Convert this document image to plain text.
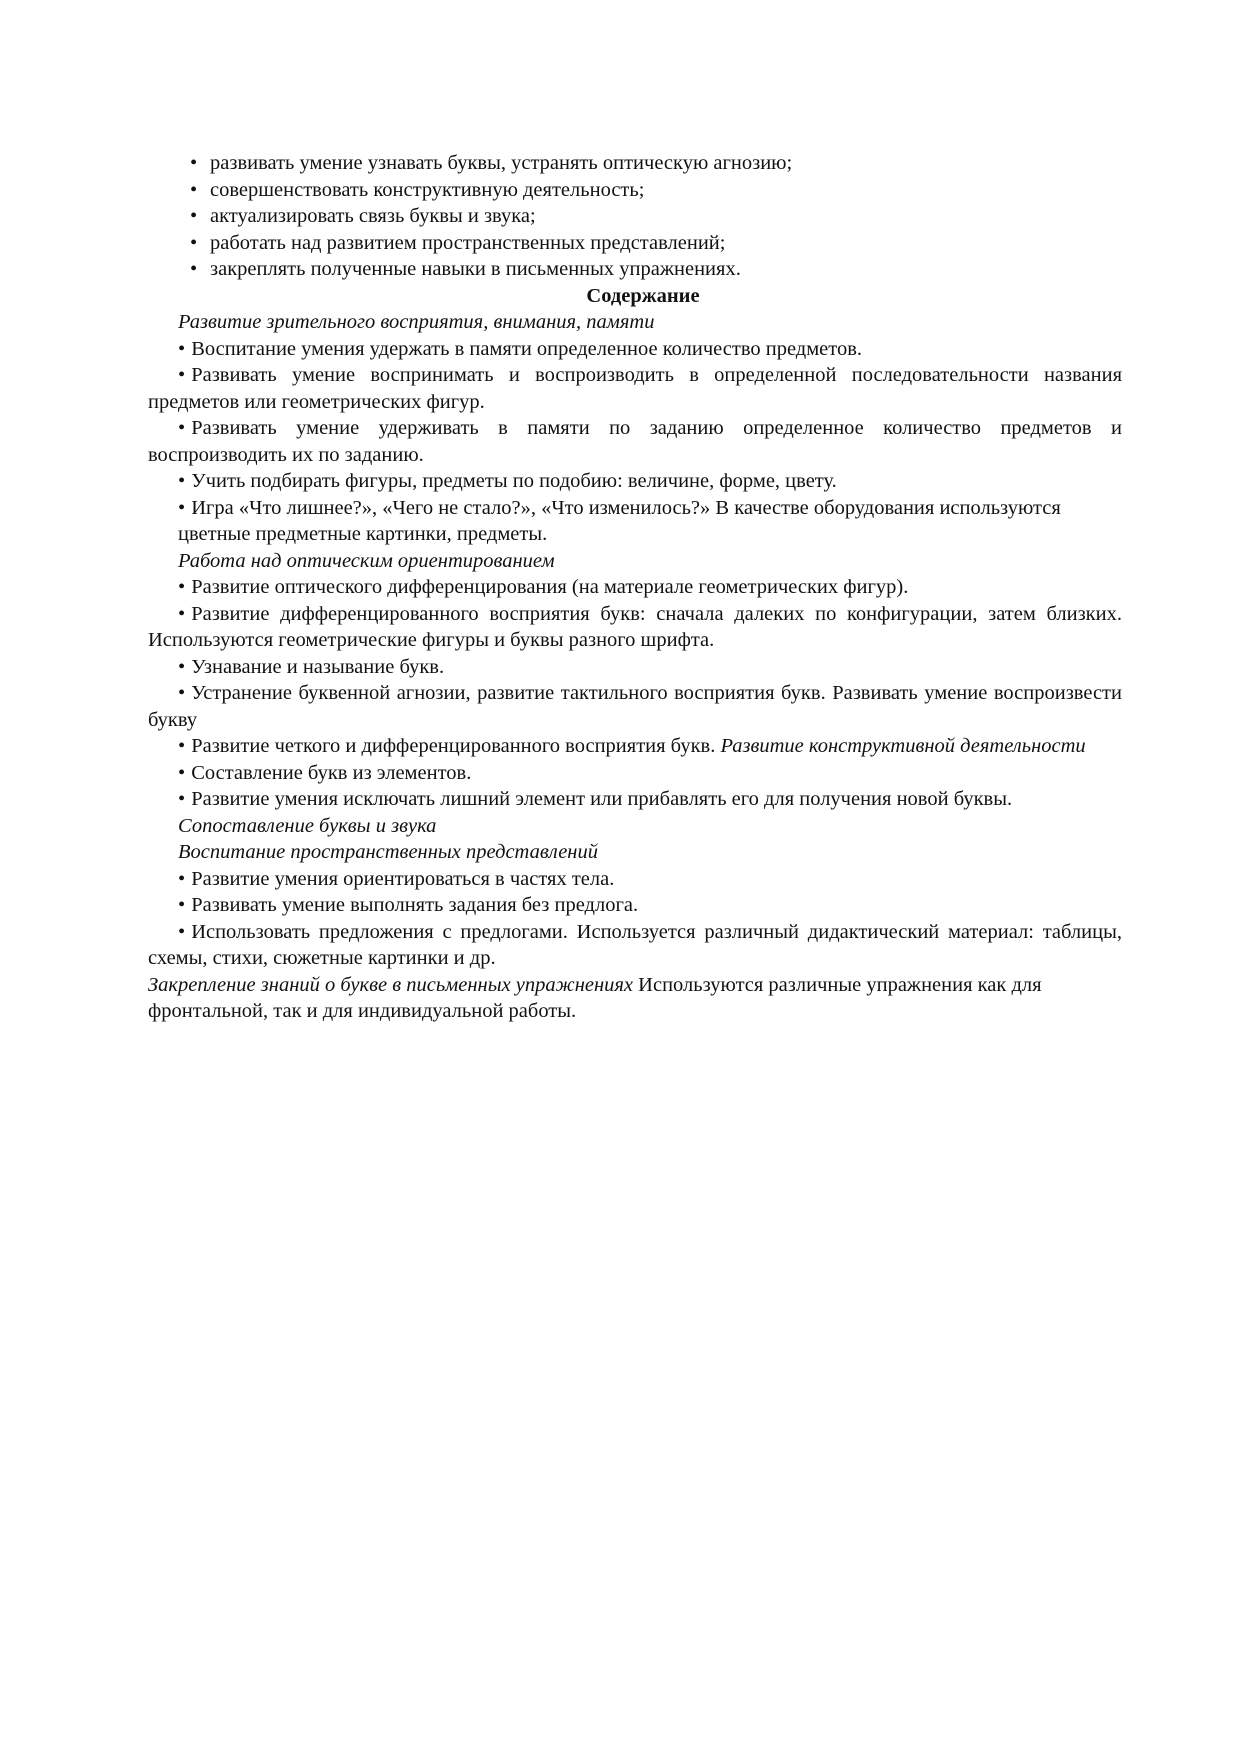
• развивать умение узнавать буквы, устранять оптическую агнозию;
• совершенствовать конструктивную деятельность;
• актуализировать связь буквы и звука;
• работать над развитием пространственных представлений;
• закреплять полученные навыки в письменных упражнениях.

Содержание

Развитие зрительного восприятия, внимания, памяти

• Воспитание умения удержать в памяти определенное количество предметов.

• Развивать умение воспринимать и воспроизводить в определенной последовательности названия предметов или геометрических фигур.

• Развивать умение удерживать в памяти по заданию определенное количество предметов и воспроизводить их по заданию.

• Учить подбирать фигуры, предметы по подобию: величине, форме, цвету.

• Игра «Что лишнее?», «Чего не стало?», «Что изменилось?» В качестве оборудования используются цветные предметные картинки, предметы.

Работа над оптическим ориентированием

• Развитие оптического дифференцирования (на материале геометрических фигур).

• Развитие дифференцированного восприятия букв: сначала далеких по конфигурации, затем близких. Используются геометрические фигуры и буквы разного шрифта.

• Узнавание и называние букв.

• Устранение буквенной агнозии, развитие тактильного восприятия букв. Развивать умение воспроизвести букву

• Развитие четкого и дифференцированного восприятия букв. Развитие конструктивной деятельности

• Составление букв из элементов.

• Развитие умения исключать лишний элемент или прибавлять его для получения новой буквы.

Сопоставление буквы и звука

Воспитание пространственных представлений

• Развитие умения ориентироваться в частях тела.

• Развивать умение выполнять задания без предлога.

• Использовать предложения с предлогами. Используется различный дидактический материал: таблицы, схемы, стихи, сюжетные картинки и др.

Закрепление знаний о букве в письменных упражнениях Используются различные упражнения как для фронтальной, так и для индивидуальной работы.
